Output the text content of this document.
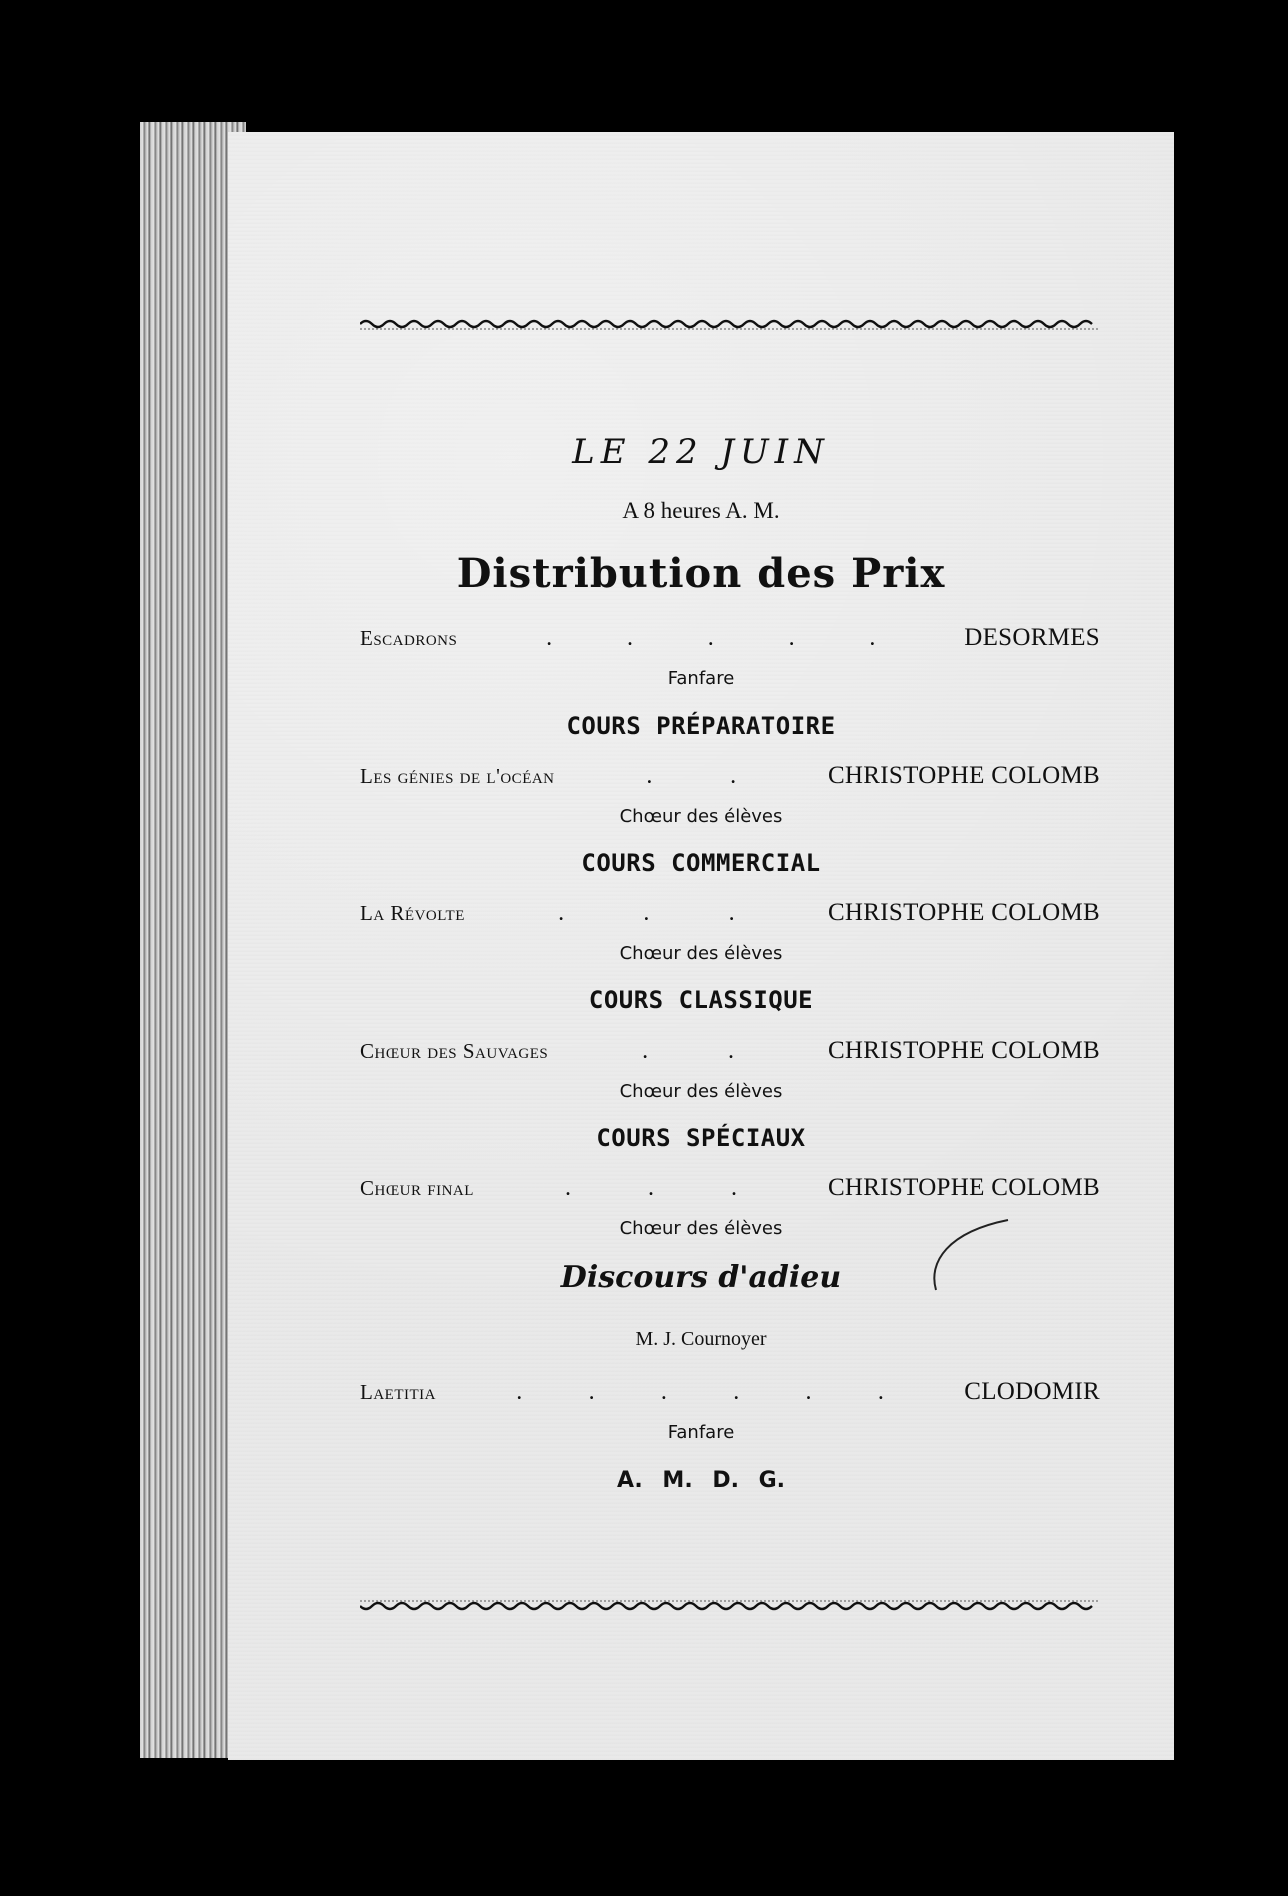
LE 22 JUIN
A 8 heures A. M.
Distribution des Prix
Escadrons	.	.	.	.	.	DESORMES
Fanfare
COURS PRÉPARATOIRE
Les génies de l'océan	.	.	CHRISTOPHE COLOMB
Chœur des élèves
COURS COMMERCIAL
La Révolte	.	.	.	CHRISTOPHE COLOMB
Chœur des élèves
COURS CLASSIQUE
Chœur des Sauvages	.	.	CHRISTOPHE COLOMB
Chœur des élèves
COURS SPÉCIAUX
Chœur final	.	.	.	CHRISTOPHE COLOMB
Chœur des élèves
Discours d'adieu
M. J. Cournoyer
Laetitia	.	.	.	.	.	.	CLODOMIR
Fanfare
A. M. D. G.
